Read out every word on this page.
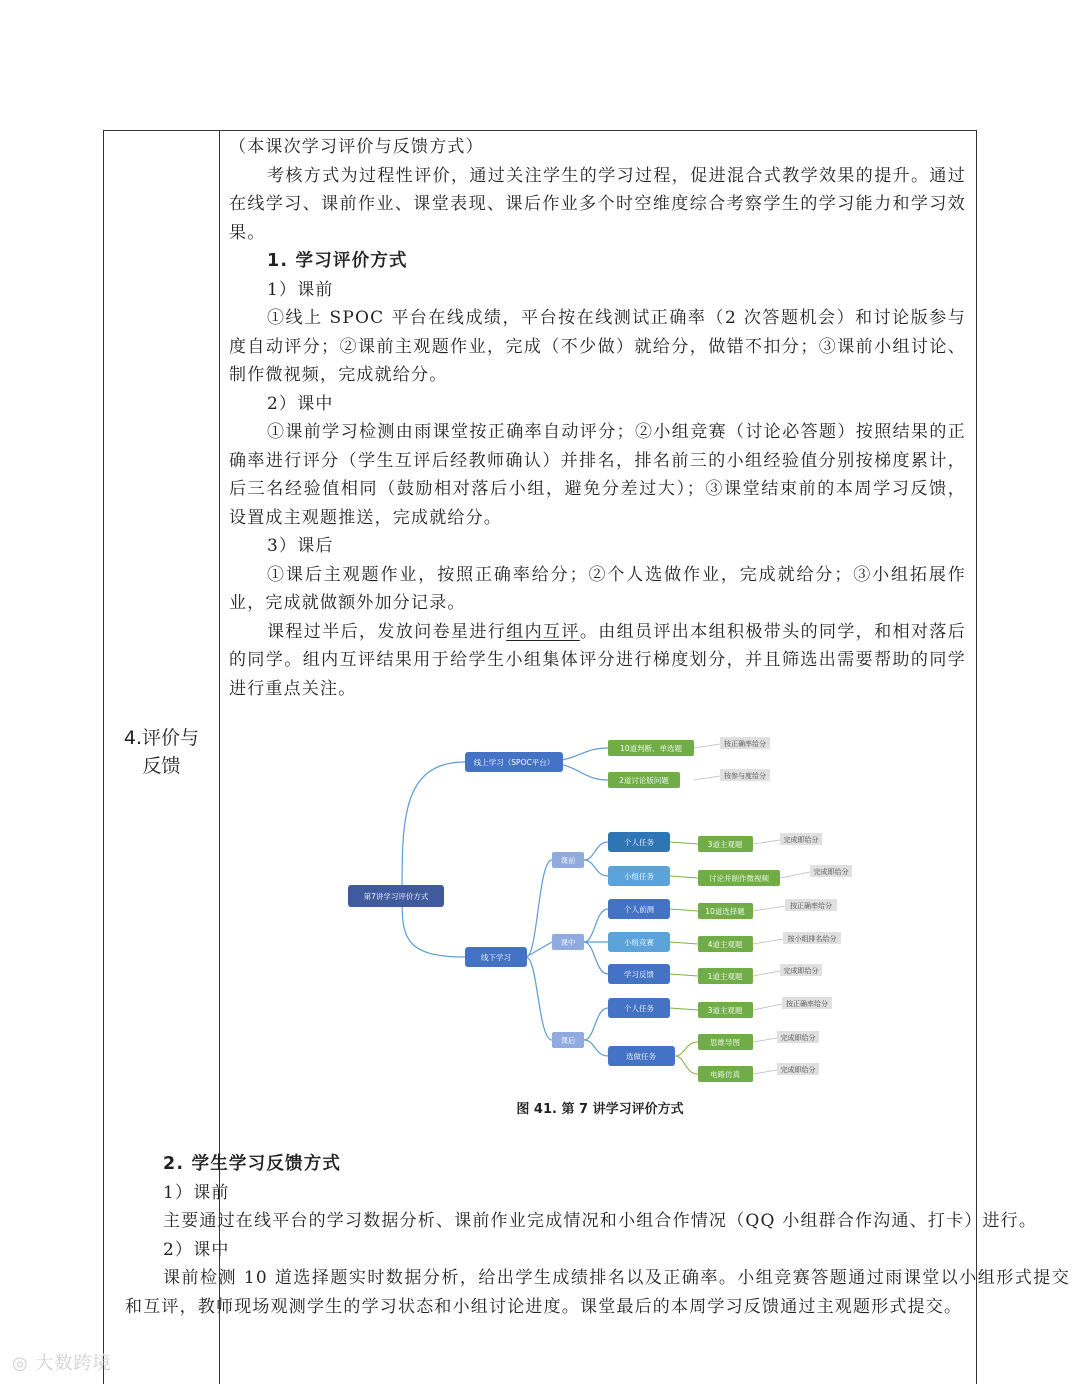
4.评价与
反馈

（本课次学习评价与反馈方式）

考核方式为过程性评价，通过关注学生的学习过程，促进混合式教学效果的提升。通过在线学习、课前作业、课堂表现、课后作业多个时空维度综合考察学生的学习能力和学习效果。

1. 学习评价方式

1）课前

①线上 SPOC 平台在线成绩，平台按在线测试正确率（2 次答题机会）和讨论版参与度自动评分；②课前主观题作业，完成（不少做）就给分，做错不扣分；③课前小组讨论、制作微视频，完成就给分。

2）课中

①课前学习检测由雨课堂按正确率自动评分；②小组竞赛（讨论必答题）按照结果的正确率进行评分（学生互评后经教师确认）并排名，排名前三的小组经验值分别按梯度累计，后三名经验值相同（鼓励相对落后小组，避免分差过大）；③课堂结束前的本周学习反馈，设置成主观题推送，完成就给分。

3）课后

①课后主观题作业，按照正确率给分；②个人选做作业，完成就给分；③小组拓展作业，完成就做额外加分记录。

课程过半后，发放问卷星进行组内互评。由组员评出本组积极带头的同学，和相对落后的同学。组内互评结果用于给学生小组集体评分进行梯度划分，并且筛选出需要帮助的同学进行重点关注。

第7讲学习评价方式
线上学习（SPOC平台）
10道判断、单选题	按正确率给分
2道讨论版问题	按参与度给分
线下学习
课前
课中
课后
个人任务	3道主观题	完成即给分
小组任务	讨论并制作微视频
完成即给分
个人前测	10道选择题
按正确率给分
小组竞赛	4道主观题
按小组排名给分
学习反馈	1道主观题
完成即给分
个人任务	3道主观题
按正确率给分
选做任务
思维导图	完成即给分
电路仿真	完成即给分
图 41. 第 7 讲学习评价方式

2. 学生学习反馈方式

1）课前

主要通过在线平台的学习数据分析、课前作业完成情况和小组合作情况（QQ 小组群合作沟通、打卡）进行。

2）课中

课前检测 10 道选择题实时数据分析，给出学生成绩排名以及正确率。小组竞赛答题通过雨课堂以小组形式提交和互评，教师现场观测学生的学习状态和小组讨论进度。课堂最后的本周学习反馈通过主观题形式提交。

◎ 大数跨境
